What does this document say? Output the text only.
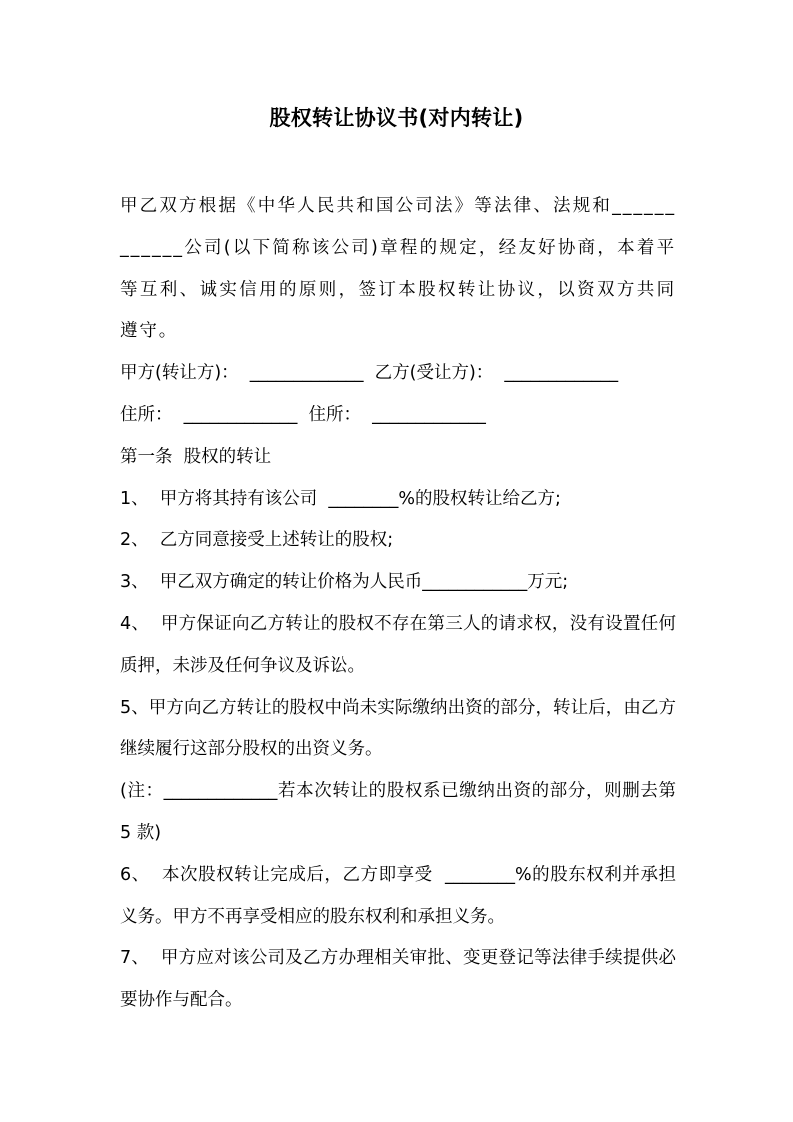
股权转让协议书(对内转让)

甲乙双方根据《中华人民共和国公司法》等法律、法规和____________公司(以下简称该公司)章程的规定，经友好协商，本着平等互利、诚实信用的原则，签订本股权转让协议，以资双方共同遵守。

甲方(转让方)：  _____________  乙方(受让方)：  _____________
住所：  _____________  住所：  _____________
第一条  股权的转让

1、  甲方将其持有该公司  ________%的股权转让给乙方;

2、  乙方同意接受上述转让的股权;

3、  甲乙双方确定的转让价格为人民币____________万元;

4、  甲方保证向乙方转让的股权不存在第三人的请求权，没有设置任何质押，未涉及任何争议及诉讼。

5、甲方向乙方转让的股权中尚未实际缴纳出资的部分，转让后，由乙方继续履行这部分股权的出资义务。

(注：_____________若本次转让的股权系已缴纳出资的部分，则删去第 5 款)

6、  本次股权转让完成后，乙方即享受  ________%的股东权利并承担义务。甲方不再享受相应的股东权利和承担义务。

7、  甲方应对该公司及乙方办理相关审批、变更登记等法律手续提供必要协作与配合。
